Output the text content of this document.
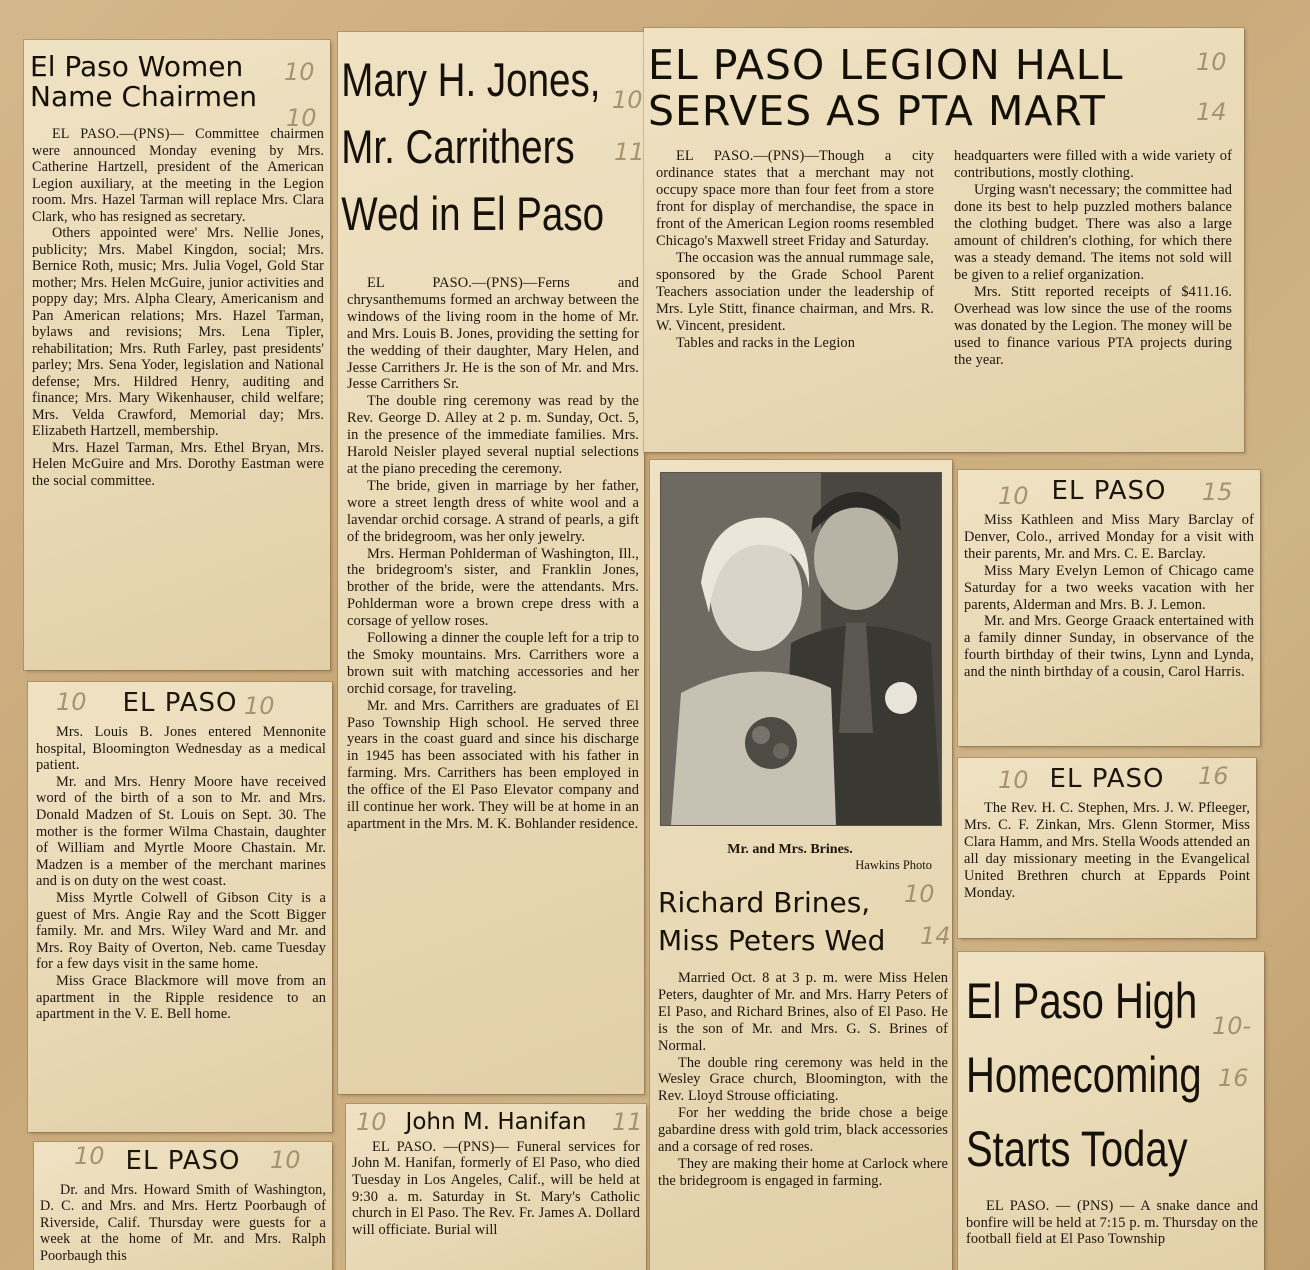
El Paso Women Name Chairmen

EL PASO.—(PNS)— Committee chairmen were announced Monday evening by Mrs. Catherine Hartzell, president of the American Legion auxiliary, at the meeting in the Legion room. Mrs. Hazel Tarman will replace Mrs. Clara Clark, who has resigned as secretary.

Others appointed were' Mrs. Nellie Jones, publicity; Mrs. Mabel Kingdon, social; Mrs. Bernice Roth, music; Mrs. Julia Vogel, Gold Star mother; Mrs. Helen McGuire, junior activities and poppy day; Mrs. Alpha Cleary, Americanism and Pan American relations; Mrs. Hazel Tarman, bylaws and revisions; Mrs. Lena Tipler, rehabilitation; Mrs. Ruth Farley, past presidents' parley; Mrs. Sena Yoder, legislation and National defense; Mrs. Hildred Henry, auditing and finance; Mrs. Mary Wikenhauser, child welfare; Mrs. Velda Crawford, Memorial day; Mrs. Elizabeth Hartzell, membership.

Mrs. Hazel Tarman, Mrs. Ethel Bryan, Mrs. Helen McGuire and Mrs. Dorothy Eastman were the social committee.

EL PASO

Mrs. Louis B. Jones entered Mennonite hospital, Bloomington Wednesday as a medical patient.

Mr. and Mrs. Henry Moore have received word of the birth of a son to Mr. and Mrs. Donald Madzen of St. Louis on Sept. 30. The mother is the former Wilma Chastain, daughter of William and Myrtle Moore Chastain. Mr. Madzen is a member of the merchant marines and is on duty on the west coast.

Miss Myrtle Colwell of Gibson City is a guest of Mrs. Angie Ray and the Scott Bigger family. Mr. and Mrs. Wiley Ward and Mr. and Mrs. Roy Baity of Overton, Neb. came Tuesday for a few days visit in the same home.

Miss Grace Blackmore will move from an apartment in the Ripple residence to an apartment in the V. E. Bell home.

EL PASO

Dr. and Mrs. Howard Smith of Washington, D. C. and Mrs. and Mrs. Hertz Poorbaugh of Riverside, Calif. Thursday were guests for a week at the home of Mr. and Mrs. Ralph Poorbaugh this

Mary H. Jones,
Mr. Carrithers
Wed in El Paso

EL PASO.—(PNS)—Ferns and chrysanthemums formed an archway between the windows of the living room in the home of Mr. and Mrs. Louis B. Jones, providing the setting for the wedding of their daughter, Mary Helen, and Jesse Carrithers Jr. He is the son of Mr. and Mrs. Jesse Carrithers Sr.

The double ring ceremony was read by the Rev. George D. Alley at 2 p. m. Sunday, Oct. 5, in the presence of the immediate families. Mrs. Harold Neisler played several nuptial selections at the piano preceding the ceremony.

The bride, given in marriage by her father, wore a street length dress of white wool and a lavendar orchid corsage. A strand of pearls, a gift of the bridegroom, was her only jewelry.

Mrs. Herman Pohlderman of Washington, Ill., the bridegroom's sister, and Franklin Jones, brother of the bride, were the attendants. Mrs. Pohlderman wore a brown crepe dress with a corsage of yellow roses.

Following a dinner the couple left for a trip to the Smoky mountains. Mrs. Carrithers wore a brown suit with matching accessories and her orchid corsage, for traveling.

Mr. and Mrs. Carrithers are graduates of El Paso Township High school. He served three years in the coast guard and since his discharge in 1945 has been associated with his father in farming. Mrs. Carrithers has been employed in the office of the El Paso Elevator company and ill continue her work. They will be at home in an apartment in the Mrs. M. K. Bohlander residence.

John M. Hanifan

EL PASO. —(PNS)— Funeral services for John M. Hanifan, formerly of El Paso, who died Tuesday in Los Angeles, Calif., will be held at 9:30 a. m. Saturday in St. Mary's Catholic church in El Paso. The Rev. Fr. James A. Dollard will officiate. Burial will

EL PASO LEGION HALL
SERVES AS PTA MART

EL PASO.—(PNS)—Though a city ordinance states that a merchant may not occupy space more than four feet from a store front for display of merchandise, the space in front of the American Legion rooms resembled Chicago's Maxwell street Friday and Saturday.

The occasion was the annual rummage sale, sponsored by the Grade School Parent Teachers association under the leadership of Mrs. Lyle Stitt, finance chairman, and Mrs. R. W. Vincent, president.

Tables and racks in the Legion

headquarters were filled with a wide variety of contributions, mostly clothing.

Urging wasn't necessary; the committee had done its best to help puzzled mothers balance the clothing budget. There was also a large amount of children's clothing, for which there was a steady demand. The items not sold will be given to a relief organization.

Mrs. Stitt reported receipts of $411.16. Overhead was low since the use of the rooms was donated by the Legion. The money will be used to finance various PTA projects during the year.

Mr. and Mrs. Brines.
Hawkins Photo
Richard Brines,
Miss Peters Wed

Married Oct. 8 at 3 p. m. were Miss Helen Peters, daughter of Mr. and Mrs. Harry Peters of El Paso, and Richard Brines, also of El Paso. He is the son of Mr. and Mrs. G. S. Brines of Normal.

The double ring ceremony was held in the Wesley Grace church, Bloomington, with the Rev. Lloyd Strouse officiating.

For her wedding the bride chose a beige gabardine dress with gold trim, black accessories and a corsage of red roses.

They are making their home at Carlock where the bridegroom is engaged in farming.

EL PASO

Miss Kathleen and Miss Mary Barclay of Denver, Colo., arrived Monday for a visit with their parents, Mr. and Mrs. C. E. Barclay.

Miss Mary Evelyn Lemon of Chicago came Saturday for a two weeks vacation with her parents, Alderman and Mrs. B. J. Lemon.

Mr. and Mrs. George Graack entertained with a family dinner Sunday, in observance of the fourth birthday of their twins, Lynn and Lynda, and the ninth birthday of a cousin, Carol Harris.

EL PASO

The Rev. H. C. Stephen, Mrs. J. W. Pfleeger, Mrs. C. F. Zinkan, Mrs. Glenn Stormer, Miss Clara Hamm, and Mrs. Stella Woods attended an all day missionary meeting in the Evangelical United Brethren church at Eppards Point Monday.

El Paso High
Homecoming
Starts Today

EL PASO. — (PNS) — A snake dance and bonfire will be held at 7:15 p. m. Thursday on the football field at El Paso Township

10
10
10
11
10
14
10	10
10	10
10	11
10
14
10	15
10	16
10-
16
